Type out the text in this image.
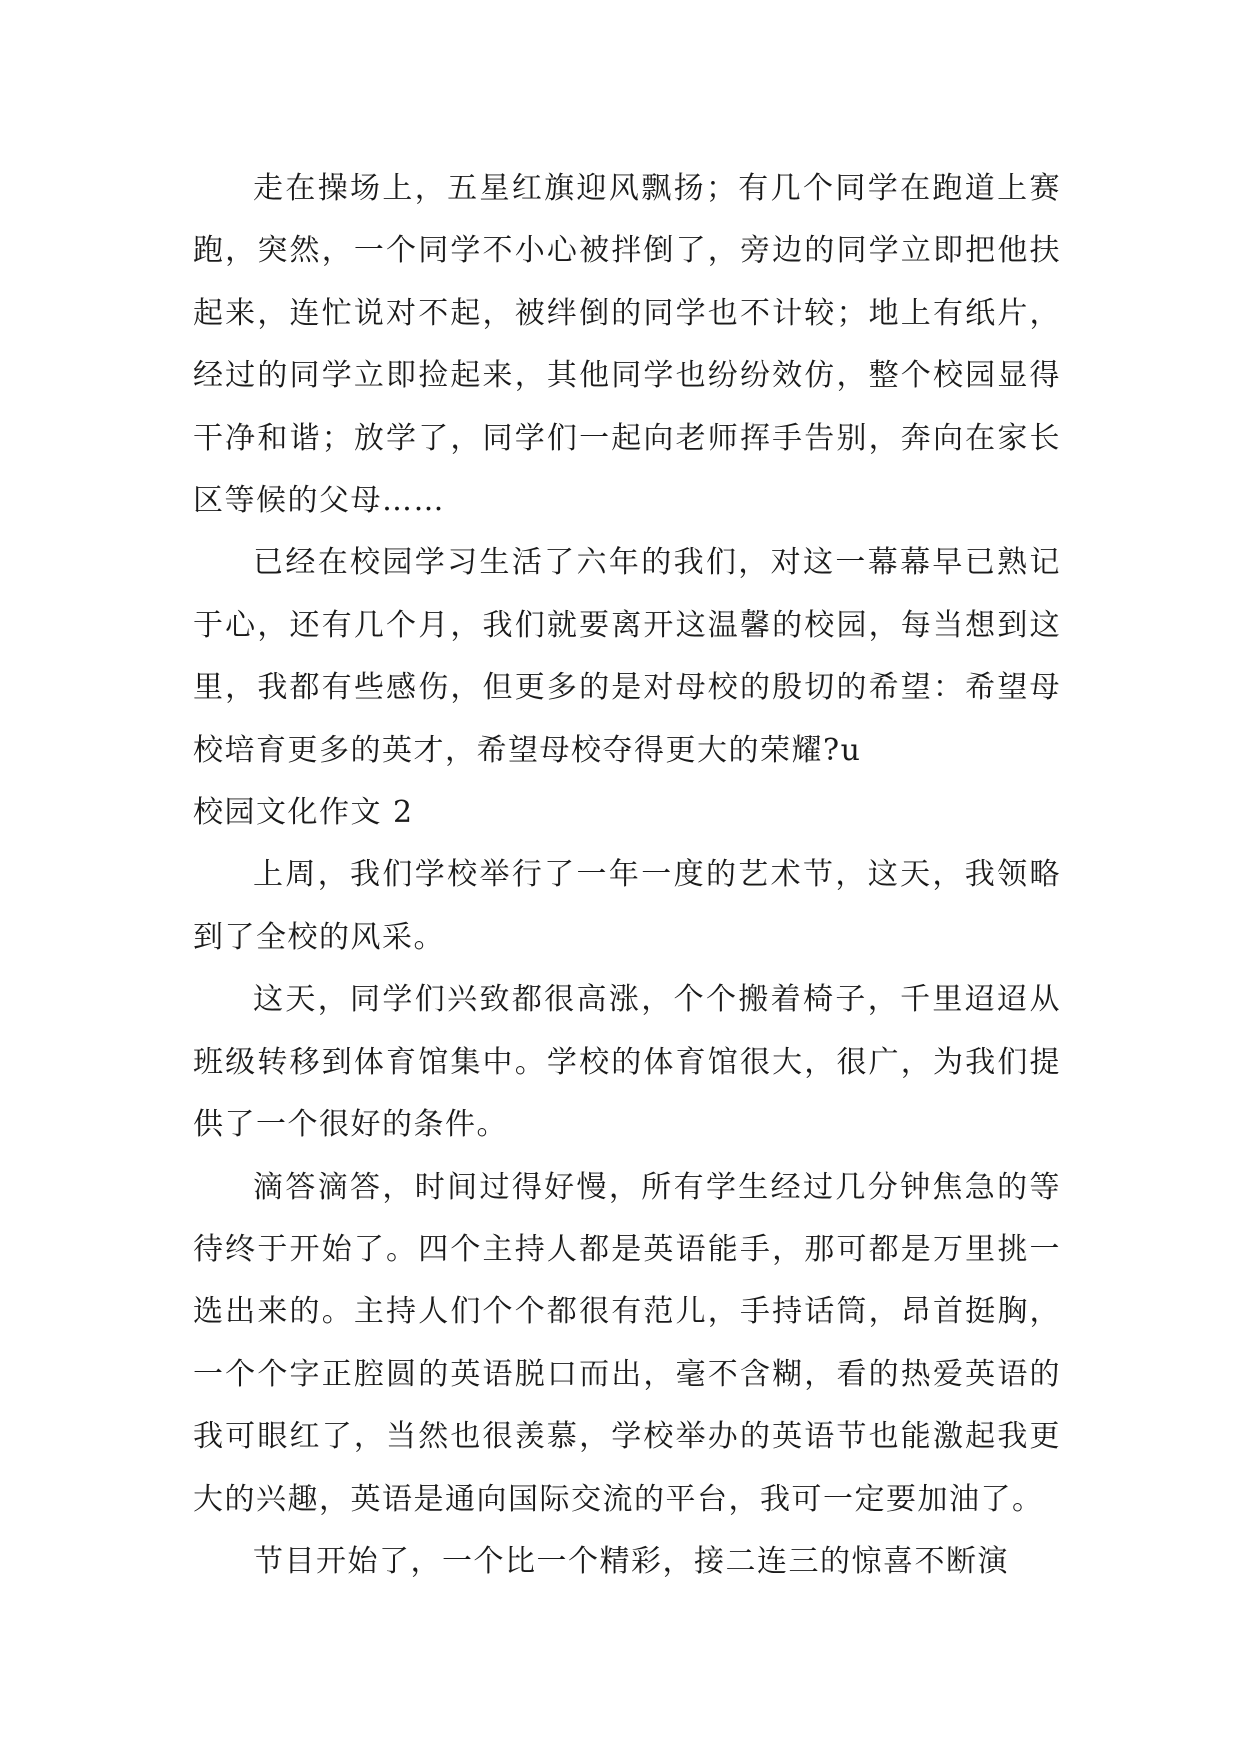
走在操场上，五星红旗迎风飘扬；有几个同学在跑道上赛跑，突然，一个同学不小心被拌倒了，旁边的同学立即把他扶起来，连忙说对不起，被绊倒的同学也不计较；地上有纸片，经过的同学立即捡起来，其他同学也纷纷效仿，整个校园显得干净和谐；放学了，同学们一起向老师挥手告别，奔向在家长区等候的父母……

已经在校园学习生活了六年的我们，对这一幕幕早已熟记于心，还有几个月，我们就要离开这温馨的校园，每当想到这里，我都有些感伤，但更多的是对母校的殷切的希望：希望母校培育更多的英才，希望母校夺得更大的荣耀?u

校园文化作文 2

上周，我们学校举行了一年一度的艺术节，这天，我领略到了全校的风采。

这天，同学们兴致都很高涨，个个搬着椅子，千里迢迢从班级转移到体育馆集中。学校的体育馆很大，很广，为我们提供了一个很好的条件。

滴答滴答，时间过得好慢，所有学生经过几分钟焦急的等待终于开始了。四个主持人都是英语能手，那可都是万里挑一选出来的。主持人们个个都很有范儿，手持话筒，昂首挺胸，一个个字正腔圆的英语脱口而出，毫不含糊，看的热爱英语的我可眼红了，当然也很羡慕，学校举办的英语节也能激起我更大的兴趣，英语是通向国际交流的平台，我可一定要加油了。

节目开始了，一个比一个精彩，接二连三的惊喜不断演
